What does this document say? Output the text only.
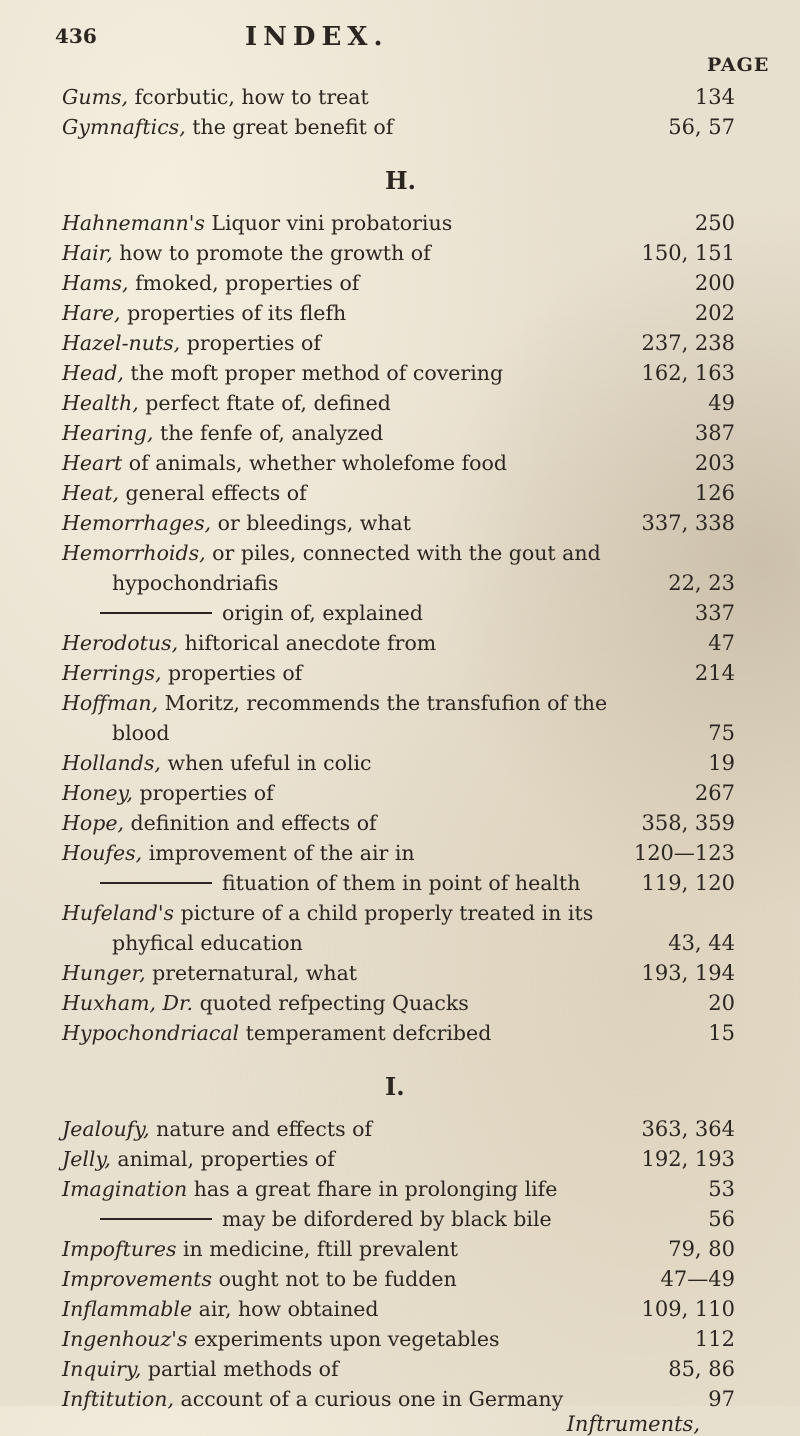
436	INDEX.
PAGE
Gums, fcorbutic, how to treat	134
Gymnaftics, the great benefit of	56, 57
H.
Hahnemann's Liquor vini probatorius	250
Hair, how to promote the growth of	150, 151
Hams, fmoked, properties of	200
Hare, properties of its flefh	202
Hazel-nuts, properties of	237, 238
Head, the moft proper method of covering	162, 163
Health, perfect ftate of, defined	49
Hearing, the fenfe of, analyzed	387
Heart of animals, whether wholefome food	203
Heat, general effects of	126
Hemorrhages, or bleedings, what	337, 338
Hemorrhoids, or piles, connected with the gout and
hypochondriafis	22, 23
origin of, explained	337
Herodotus, hiftorical anecdote from	47
Herrings, properties of	214
Hoffman, Moritz, recommends the transfufion of the
blood	75
Hollands, when ufeful in colic	19
Honey, properties of	267
Hope, definition and effects of	358, 359
Houfes, improvement of the air in	120—123
fituation of them in point of health	119, 120
Hufeland's picture of a child properly treated in its
phyfical education	43, 44
Hunger, preternatural, what	193, 194
Huxham, Dr. quoted refpecting Quacks	20
Hypochondriacal temperament defcribed	15
I.
Jealoufy, nature and effects of	363, 364
Jelly, animal, properties of	192, 193
Imagination has a great fhare in prolonging life	53
may be difordered by black bile	56
Impoftures in medicine, ftill prevalent	79, 80
Improvements ought not to be fudden	47—49
Inflammable air, how obtained	109, 110
Ingenhouz's experiments upon vegetables	112
Inquiry, partial methods of	85, 86
Inftitution, account of a curious one in Germany	97
Inftruments,
